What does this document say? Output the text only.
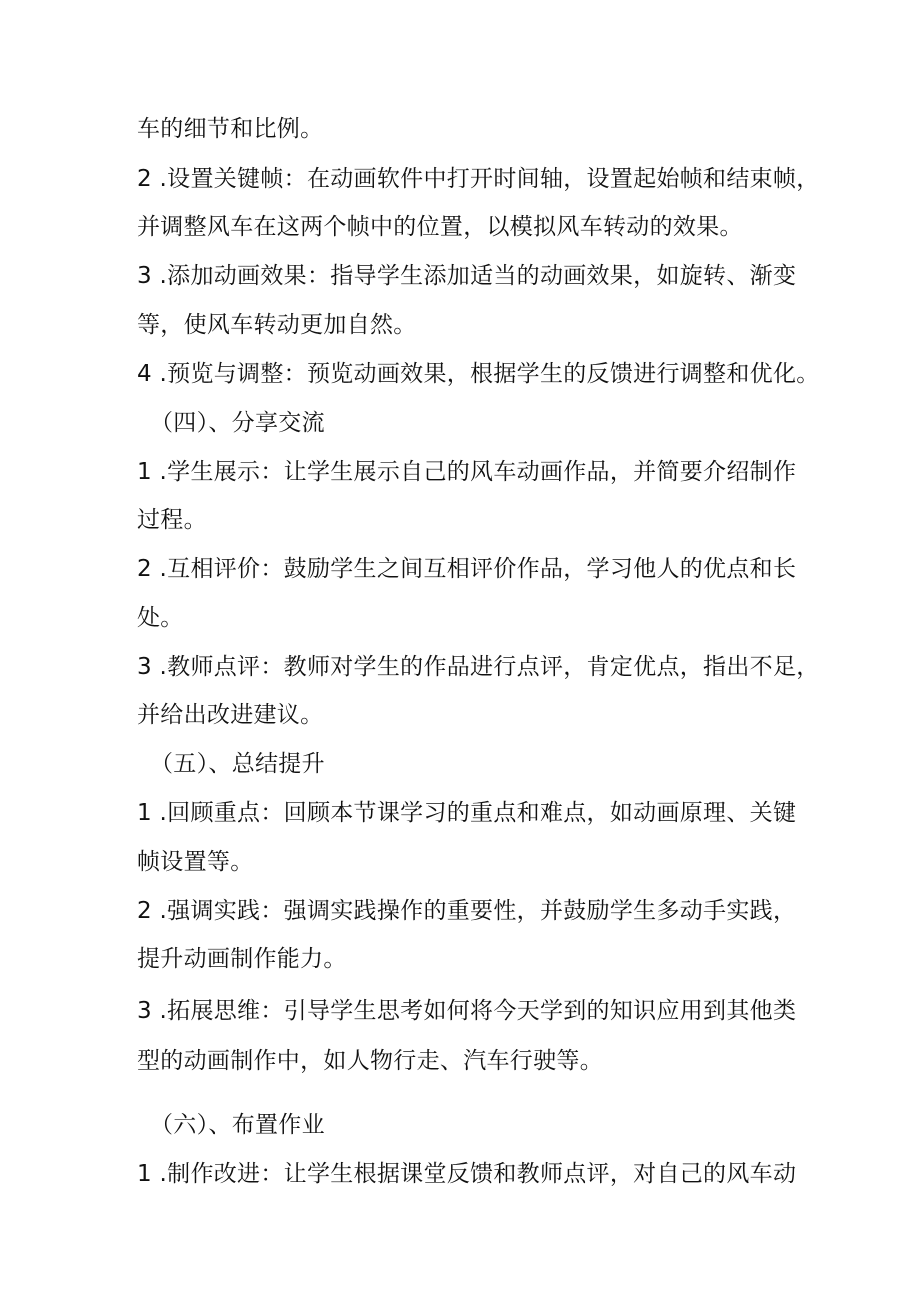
车的细节和比例。
2 .设置关键帧：在动画软件中打开时间轴，设置起始帧和结束帧，
并调整风车在这两个帧中的位置，以模拟风车转动的效果。
3 .添加动画效果：指导学生添加适当的动画效果，如旋转、渐变
等，使风车转动更加自然。
4 .预览与调整：预览动画效果，根据学生的反馈进行调整和优化。
（四）、分享交流
1 .学生展示：让学生展示自己的风车动画作品，并简要介绍制作
过程。
2 .互相评价：鼓励学生之间互相评价作品，学习他人的优点和长
处。
3 .教师点评：教师对学生的作品进行点评，肯定优点，指出不足，
并给出改进建议。
（五）、总结提升
1 .回顾重点：回顾本节课学习的重点和难点，如动画原理、关键
帧设置等。
2 .强调实践：强调实践操作的重要性，并鼓励学生多动手实践，
提升动画制作能力。
3 .拓展思维：引导学生思考如何将今天学到的知识应用到其他类
型的动画制作中，如人物行走、汽车行驶等。
（六）、布置作业
1 .制作改进：让学生根据课堂反馈和教师点评，对自己的风车动
